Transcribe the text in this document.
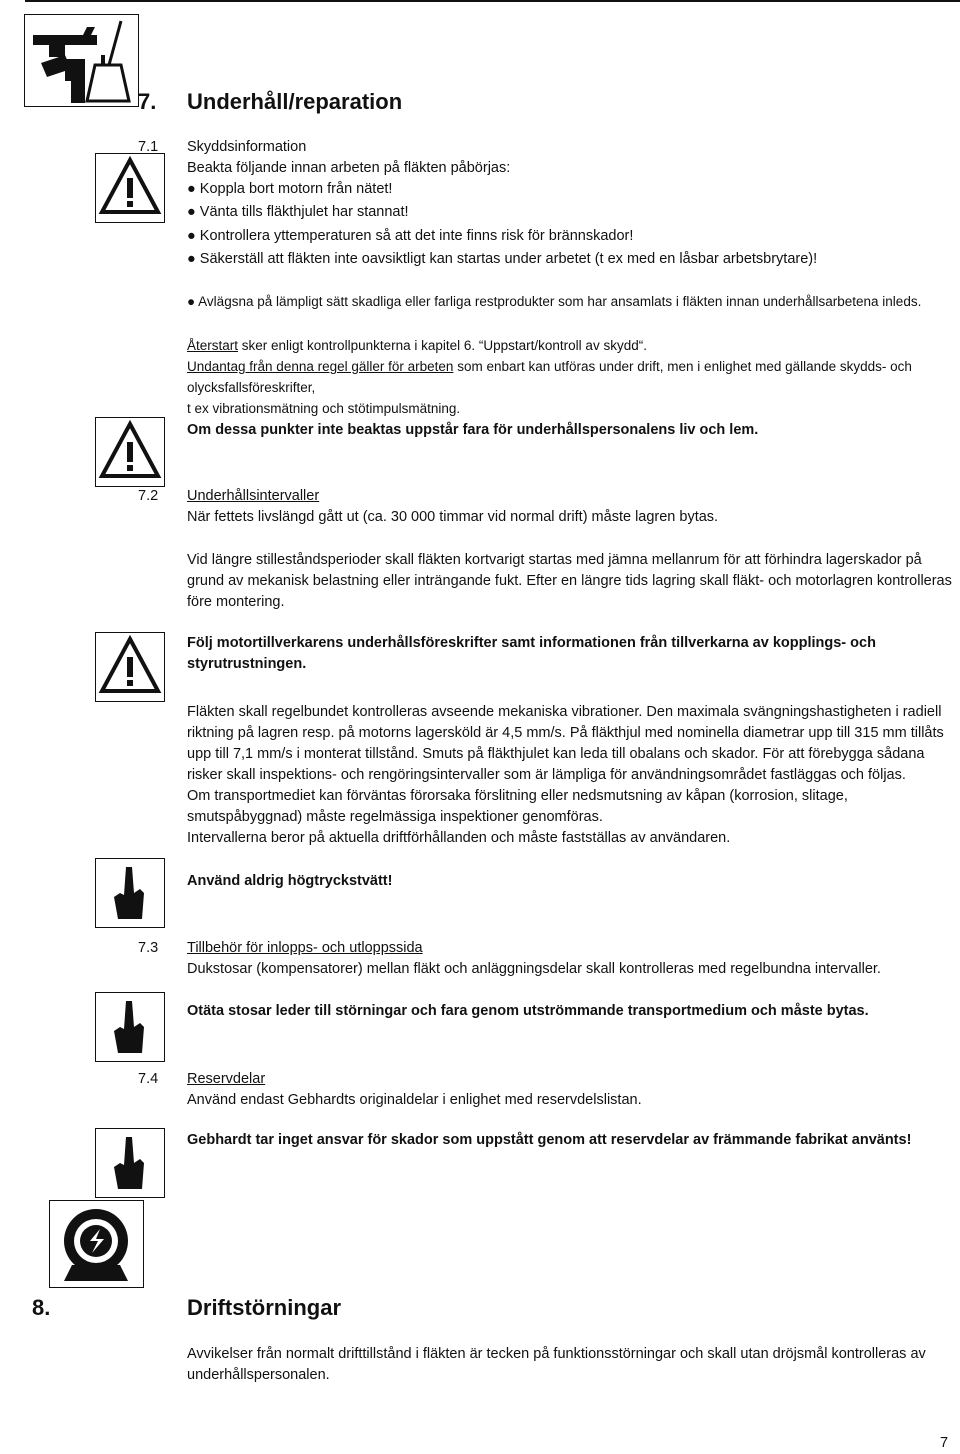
7. Underhåll/reparation
7.1 Skyddsinformation
Beakta följande innan arbeten på fläkten påbörjas:
● Koppla bort motorn från nätet!
● Vänta tills fläkthjulet har stannat!
● Kontrollera yttemperaturen så att det inte finns risk för brännskador!
● Säkerställ att fläkten inte oavsiktligt kan startas under arbetet (t ex med en låsbar arbetsbrytare)!
● Avlägsna på lämpligt sätt skadliga eller farliga restprodukter som har ansamlats i fläkten innan underhållsarbetena inleds.
Återstart sker enligt kontrollpunkterna i kapitel 6. “Uppstart/kontroll av skydd“.
Undantag från denna regel gäller för arbeten som enbart kan utföras under drift, men i enlighet med gällande skydds- och olycksfallsföreskrifter,
t ex vibrationsmätning och stötimpulsmätning.
Om dessa punkter inte beaktas uppstår fara för underhållspersonalens liv och lem.
7.2 Underhållsintervaller
När fettets livslängd gått ut (ca. 30 000 timmar vid normal drift) måste lagren bytas.
Vid längre stilleståndsperioder skall fläkten kortvarigt startas med jämna mellanrum för att förhindra lagerskador på grund av mekanisk belastning eller inträngande fukt. Efter en längre tids lagring skall fläkt- och motorlagren kontrolleras före montering.
Följ motortillverkarens underhållsföreskrifter samt informationen från tillverkarna av kopplings- och styrutrustningen.
Fläkten skall regelbundet kontrolleras avseende mekaniska vibrationer. Den maximala svängningshastigheten i radiell riktning på lagren resp. på motorns lagersköld är 4,5 mm/s. På fläkthjul med nominella diametrar upp till 315 mm tillåts upp till 7,1 mm/s i monterat tillstånd. Smuts på fläkthjulet kan leda till obalans och skador. För att förebygga sådana risker skall inspektions- och rengöringsintervaller som är lämpliga för användningsområdet fastläggas och följas.
Om transportmediet kan förväntas förorsaka förslitning eller nedsmutsning av kåpan (korrosion, slitage, smutspåbyggnad) måste regelmässiga inspektioner genomföras.
Intervallerna beror på aktuella driftförhållanden och måste fastställas av användaren.
Använd aldrig högtryckstvätt!
7.3 Tillbehör för inlopps- och utloppssida
Dukstosar (kompensatorer) mellan fläkt och anläggningsdelar skall kontrolleras med regelbundna intervaller.
Otäta stosar leder till störningar och fara genom utströmmande transportmedium och måste bytas.
7.4 Reservdelar
Använd endast Gebhardts originaldelar i enlighet med reservdelslistan.
Gebhardt tar inget ansvar för skador som uppstått genom att reservdelar av främmande fabrikat använts!
8.	Driftstörningar
Avvikelser från normalt drifttillstånd i fläkten är tecken på funktionsstörningar och skall utan dröjsmål kontrolleras av underhållspersonalen.
7
